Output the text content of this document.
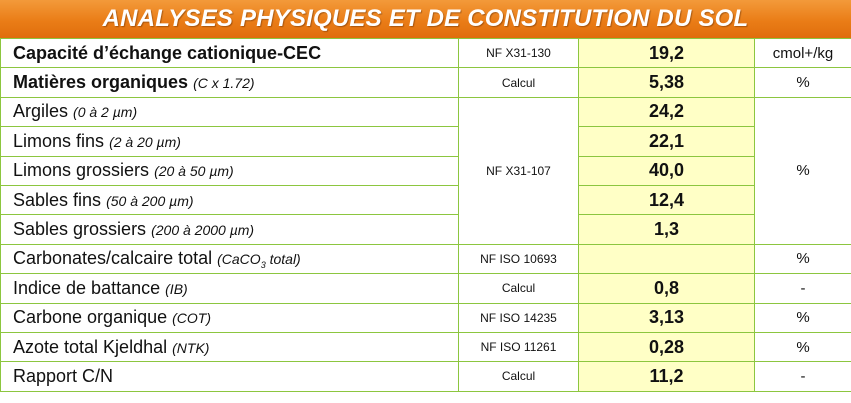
ANALYSES PHYSIQUES ET DE CONSTITUTION DU SOL
Capacité d’échange cationique-CEC	NF X31-130	19,2	cmol+/kg
Matières organiques (C x 1.72)	Calcul	5,38	%
Argiles (0 à 2 µm)	NF X31-107	24,2	%
Limons fins (2 à 20 µm)		22,1	
Limons grossiers (20 à 50 µm)		40,0	
Sables fins (50 à 200 µm)		12,4	
Sables grossiers (200 à 2000 µm)		1,3	
Carbonates/calcaire total (CaCO$_3$ total)	NF ISO 10693		%
Indice de battance (IB)	Calcul	0,8	-
Carbone organique (COT)	NF ISO 14235	3,13	%
Azote total Kjeldhal (NTK)	NF ISO 11261	0,28	%
Rapport C/N	Calcul	11,2	-
